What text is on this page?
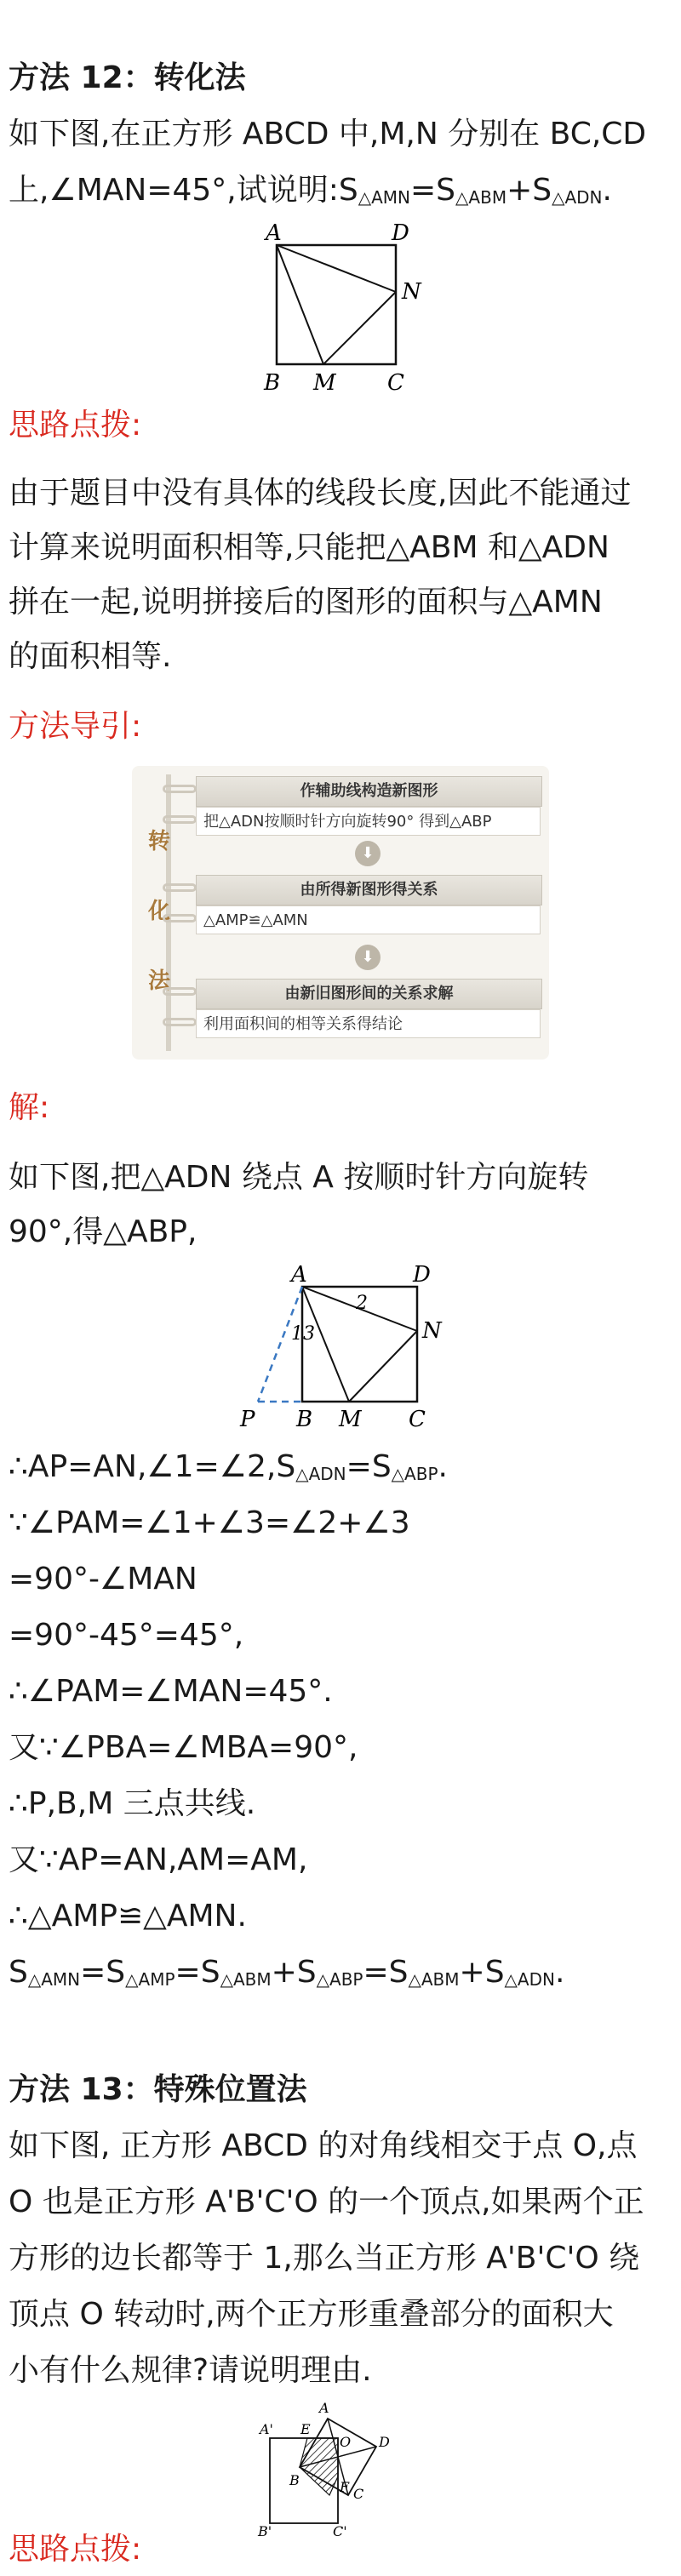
方法 12：转化法
如下图,在正方形 ABCD 中,M,N 分别在 BC,CD
上,∠MAN=45°,试说明$:S_{\triangle AMN}=S_{\triangle ABM}+S_{\triangle ADN}$.
A	D
N
B M C
思路点拨:
由于题目中没有具体的线段长度,因此不能通过
计算来说明面积相等,只能把△ABM 和△ADN
拼在一起,说明拼接后的图形的面积与△AMN
的面积相等.
方法导引:
转
化
法
作辅助线构造新图形
把△ADN按顺时针方向旋转90° 得到△ABP
⬇
由所得新图形得关系
△AMP≌△AMN
⬇
由新旧图形间的关系求解
利用面积间的相等关系得结论
解:
如下图,把△ADN 绕点 A 按顺时针方向旋转
90°,得△ABP,
A	D
N
P B M C
1 3
2
$\therefore AP=AN,\angle 1=\angle 2,S_{\triangle ADN}=S_{\triangle ABP}$.
∵∠PAM=∠1+∠3=∠2+∠3
=90°-∠MAN
=90°-45°=45°,
∴∠PAM=∠MAN=45°.
又∵∠PBA=∠MBA=90°,
∴P,B,M 三点共线.
又∵AP=AN,AM=AM,
∴△AMP≌△AMN.
$S_{\triangle AMN}=S_{\triangle AMP}=S_{\triangle ABM}+S_{\triangle ABP}=S_{\triangle ABM}+S_{\triangle ADN}$.
方法 13：特殊位置法
如下图, 正方形 ABCD 的对角线相交于点 O,点
O 也是正方形 A'B'C'O 的一个顶点,如果两个正
方形的边长都等于 1,那么当正方形 A'B'C'O 绕
顶点 O 转动时,两个正方形重叠部分的面积大
小有什么规律?请说明理由.
A'
A
E
O D
B	F C
B'	C'
思路点拨:
